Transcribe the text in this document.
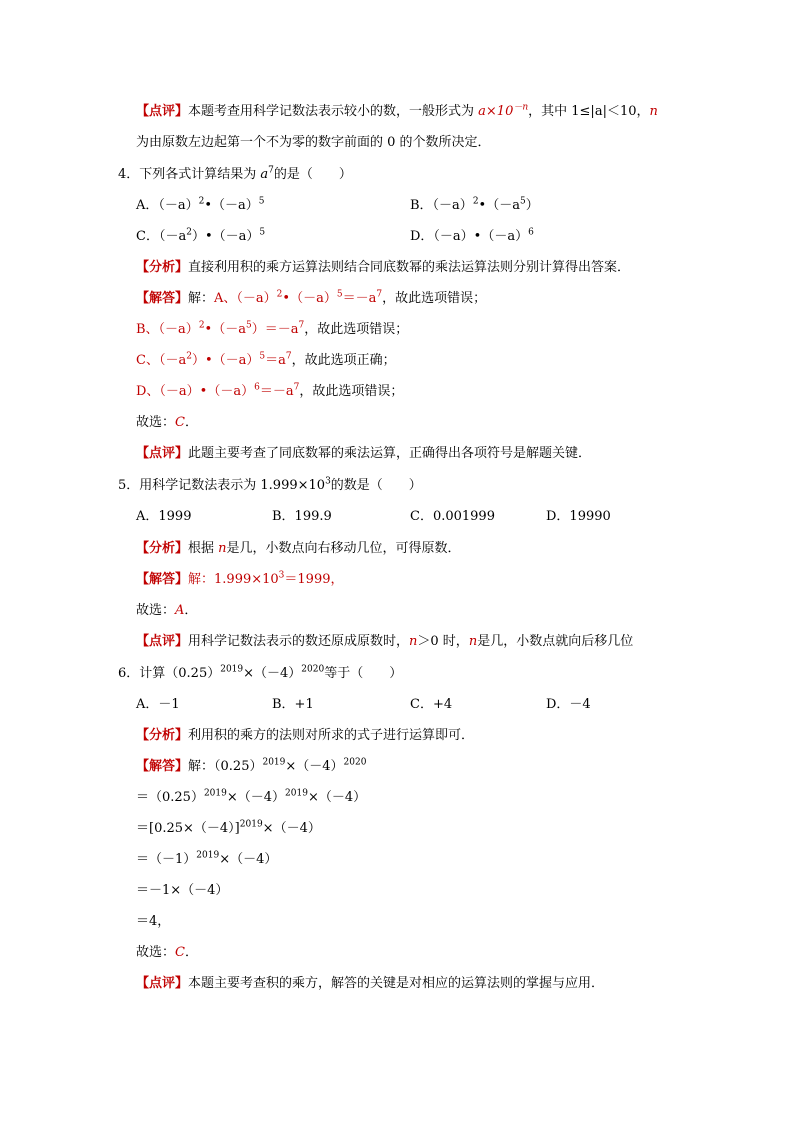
【点评】本题考查用科学记数法表示较小的数，一般形式为 $a\times 10^{-n}$，其中 1≤|a|＜10，n
为由原数左边起第一个不为零的数字前面的 0 的个数所决定．
4．下列各式计算结果为 $a^7$的是（　　）
A．$(-a)^2•(-a)^5$	B．$(-a)^2•(-a^5)$
C．$(-a^2)•(-a)^5$	D．$(-a)•(-a)^6$
【分析】直接利用积的乘方运算法则结合同底数幂的乘法运算法则分别计算得出答案．
【解答】解：A、$(-a)^2•(-a)^5=-a^7$，故此选项错误；
B、$(-a)^2•(-a^5)=-a^7$，故此选项错误；
C、$(-a^2)•(-a)^5=a^7$，故此选项正确；
D、$(-a)•(-a)^6=-a^7$，故此选项错误；
故选：C．
【点评】此题主要考查了同底数幂的乘法运算，正确得出各项符号是解题关键．
5．用科学记数法表示为 $1.999\times 10^3$的数是（　　）
A．1999	B．199.9	C．0.001999	D．19990
【分析】根据 n是几，小数点向右移动几位，可得原数．
【解答】解：$1.999\times 10^3=1999$，
故选：A．
【点评】用科学记数法表示的数还原成原数时，n＞0 时，n是几，小数点就向后移几位
6．计算$(0.25)^{2019}\times(-4)^{2020}$等于（　　）
A．－1	B．+1	C．+4	D．－4
【分析】利用积的乘方的法则对所求的式子进行运算即可．
【解答】解：$(0.25)^{2019}\times(-4)^{2020}$
$=(0.25)^{2019}\times(-4)^{2019}\times(-4)$
$=[0.25\times(-4)]^{2019}\times(-4)$
$=(-1)^{2019}\times(-4)$
＝－1×（－4）
＝4，
故选：C．
【点评】本题主要考查积的乘方，解答的关键是对相应的运算法则的掌握与应用．
